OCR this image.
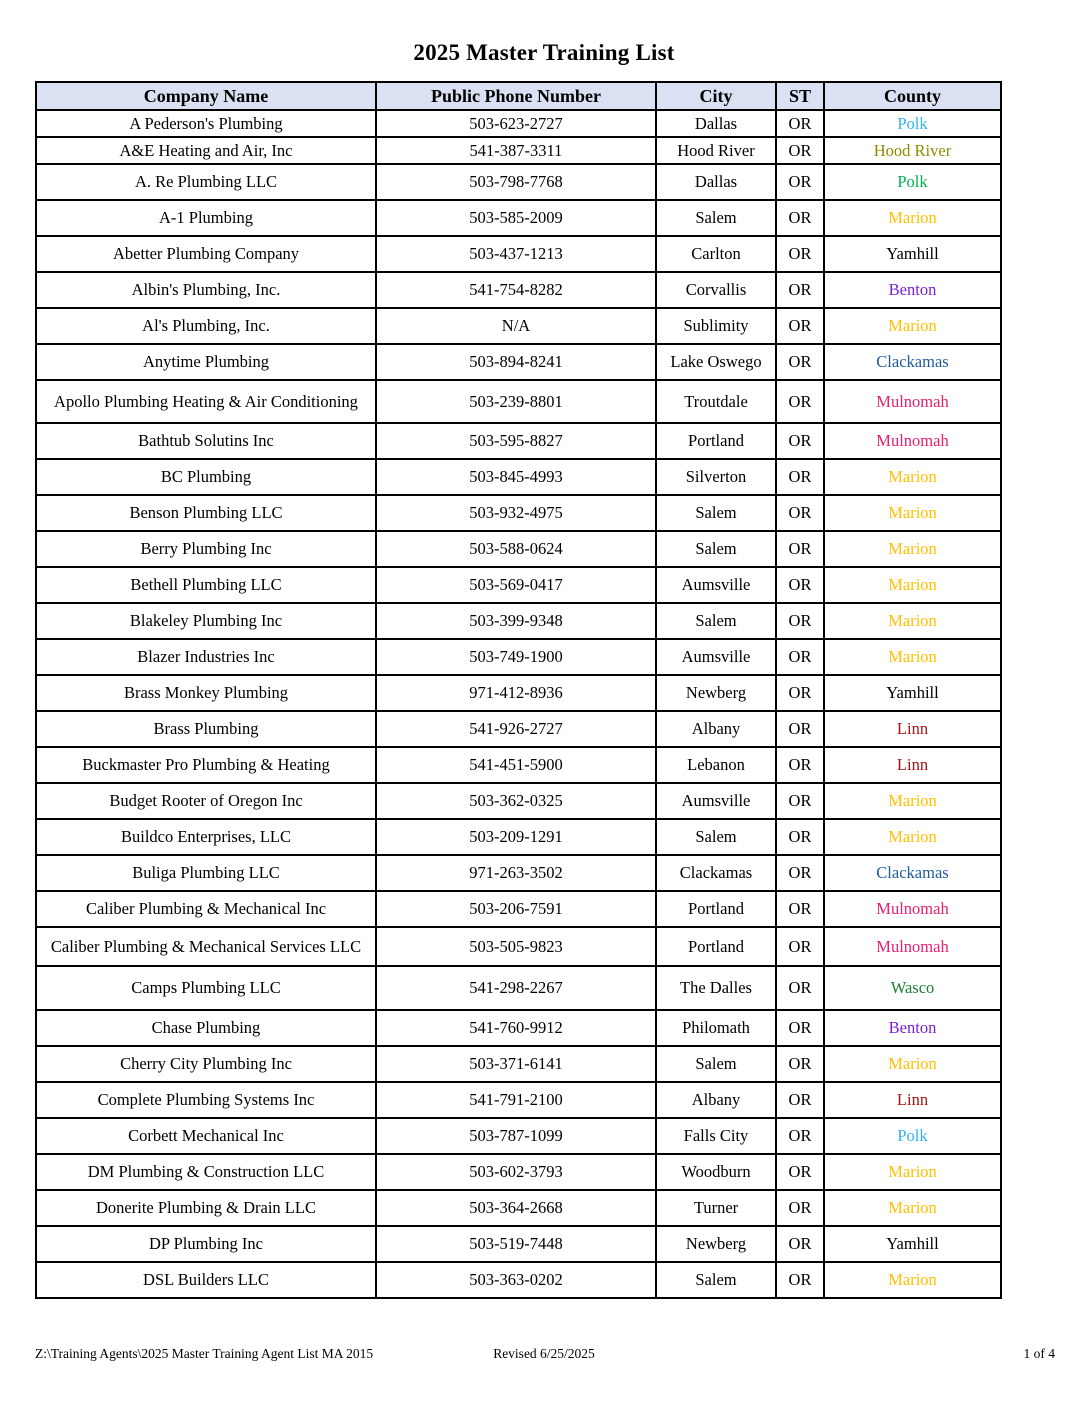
2025 Master Training List
Company Name	Public Phone Number	City	ST	County
A Pederson's Plumbing	503-623-2727	Dallas	OR	Polk
A&E Heating and Air, Inc	541-387-3311	Hood River	OR	Hood River
A. Re Plumbing LLC	503-798-7768	Dallas	OR	Polk
A-1 Plumbing	503-585-2009	Salem	OR	Marion
Abetter Plumbing Company	503-437-1213	Carlton	OR	Yamhill
Albin's Plumbing, Inc.	541-754-8282	Corvallis	OR	Benton
Al's Plumbing, Inc.	N/A	Sublimity	OR	Marion
Anytime Plumbing	503-894-8241	Lake Oswego	OR	Clackamas
Apollo Plumbing Heating & Air Conditioning	503-239-8801	Troutdale	OR	Mulnomah
Bathtub Solutins Inc	503-595-8827	Portland	OR	Mulnomah
BC Plumbing	503-845-4993	Silverton	OR	Marion
Benson Plumbing LLC	503-932-4975	Salem	OR	Marion
Berry Plumbing Inc	503-588-0624	Salem	OR	Marion
Bethell Plumbing LLC	503-569-0417	Aumsville	OR	Marion
Blakeley Plumbing Inc	503-399-9348	Salem	OR	Marion
Blazer Industries Inc	503-749-1900	Aumsville	OR	Marion
Brass Monkey Plumbing	971-412-8936	Newberg	OR	Yamhill
Brass Plumbing	541-926-2727	Albany	OR	Linn
Buckmaster Pro Plumbing & Heating	541-451-5900	Lebanon	OR	Linn
Budget Rooter of Oregon Inc	503-362-0325	Aumsville	OR	Marion
Buildco Enterprises, LLC	503-209-1291	Salem	OR	Marion
Buliga Plumbing LLC	971-263-3502	Clackamas	OR	Clackamas
Caliber Plumbing & Mechanical Inc	503-206-7591	Portland	OR	Mulnomah
Caliber Plumbing & Mechanical Services LLC	503-505-9823	Portland	OR	Mulnomah
Camps Plumbing LLC	541-298-2267	The Dalles	OR	Wasco
Chase Plumbing	541-760-9912	Philomath	OR	Benton
Cherry City Plumbing Inc	503-371-6141	Salem	OR	Marion
Complete Plumbing Systems Inc	541-791-2100	Albany	OR	Linn
Corbett Mechanical Inc	503-787-1099	Falls City	OR	Polk
DM Plumbing & Construction LLC	503-602-3793	Woodburn	OR	Marion
Donerite Plumbing & Drain LLC	503-364-2668	Turner	OR	Marion
DP Plumbing Inc	503-519-7448	Newberg	OR	Yamhill
DSL Builders LLC	503-363-0202	Salem	OR	Marion
Z:\Training Agents\2025 Master Training Agent List MA 2015	Revised 6/25/2025	1 of 4
